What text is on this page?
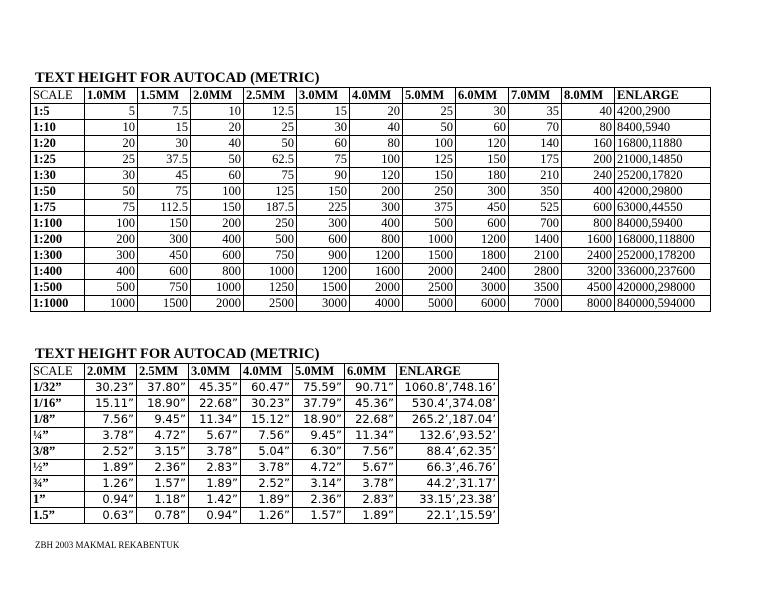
TEXT HEIGHT FOR AUTOCAD (METRIC)
SCALE	1.0MM	1.5MM	2.0MM	2.5MM	3.0MM	4.0MM	5.0MM	6.0MM	7.0MM	8.0MM	ENLARGE
1:5	5	7.5	10	12.5	15	20	25	30	35	40	4200,2900
1:10	10	15	20	25	30	40	50	60	70	80	8400,5940
1:20	20	30	40	50	60	80	100	120	140	160	16800,11880
1:25	25	37.5	50	62.5	75	100	125	150	175	200	21000,14850
1:30	30	45	60	75	90	120	150	180	210	240	25200,17820
1:50	50	75	100	125	150	200	250	300	350	400	42000,29800
1:75	75	112.5	150	187.5	225	300	375	450	525	600	63000,44550
1:100	100	150	200	250	300	400	500	600	700	800	84000,59400
1:200	200	300	400	500	600	800	1000	1200	1400	1600	168000,118800
1:300	300	450	600	750	900	1200	1500	1800	2100	2400	252000,178200
1:400	400	600	800	1000	1200	1600	2000	2400	2800	3200	336000,237600
1:500	500	750	1000	1250	1500	2000	2500	3000	3500	4500	420000,298000
1:1000	1000	1500	2000	2500	3000	4000	5000	6000	7000	8000	840000,594000
TEXT HEIGHT FOR AUTOCAD (METRIC)
SCALE	2.0MM	2.5MM	3.0MM	4.0MM	5.0MM	6.0MM	ENLARGE
1/32”	30.23”	37.80”	45.35”	60.47”	75.59”	90.71”	1060.8’,748.16’
1/16”	15.11”	18.90”	22.68”	30.23”	37.79”	45.36”	530.4’,374.08’
1/8”	7.56”	9.45”	11.34”	15.12”	18.90”	22.68”	265.2’,187.04’
¼”	3.78”	4.72”	5.67”	7.56”	9.45”	11.34”	132.6’,93.52’
3/8”	2.52”	3.15”	3.78”	5.04”	6.30”	7.56”	88.4’,62.35’
½”	1.89”	2.36”	2.83”	3.78”	4.72”	5.67”	66.3’,46.76’
¾”	1.26”	1.57”	1.89”	2.52”	3.14”	3.78”	44.2’,31.17’
1”	0.94”	1.18”	1.42”	1.89”	2.36”	2.83”	33.15’,23.38’
1.5”	0.63”	0.78”	0.94”	1.26”	1.57”	1.89”	22.1’,15.59’
ZBH 2003 MAKMAL REKABENTUK
